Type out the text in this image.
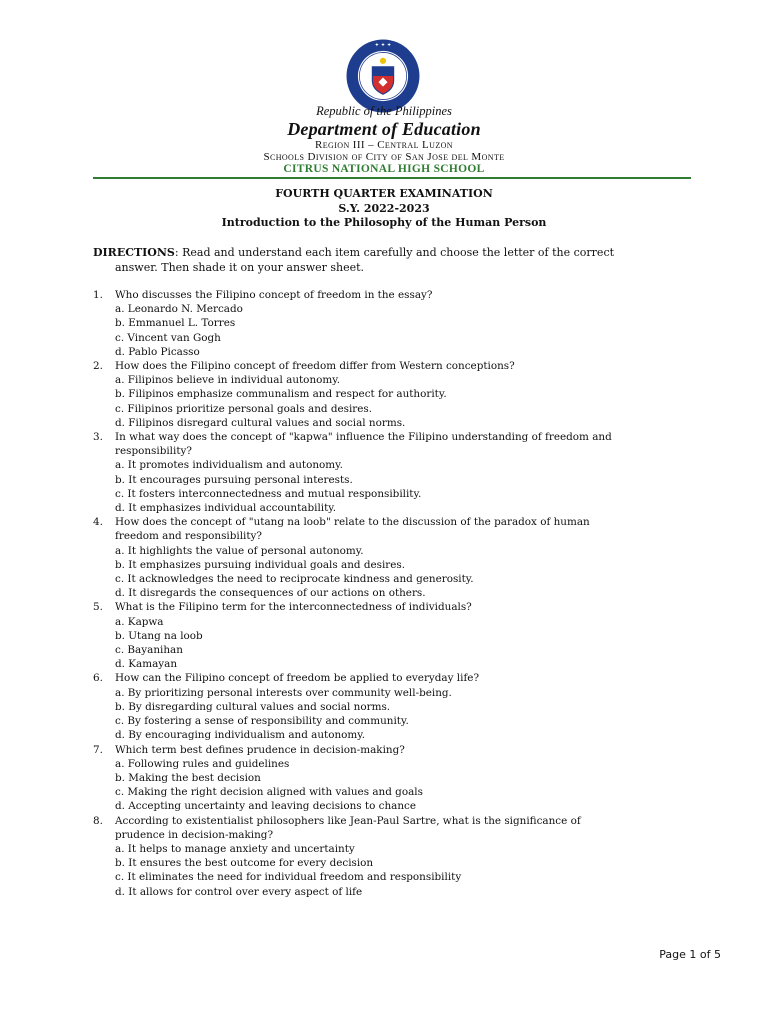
✦ ✦ ✦
Republic of the Philippines
Department of Education
Region III – Central Luzon
Schools Division of City of San Jose del Monte
CITRUS NATIONAL HIGH SCHOOL
FOURTH QUARTER EXAMINATION
S.Y. 2022-2023
Introduction to the Philosophy of the Human Person
DIRECTIONS: Read and understand each item carefully and choose the letter of the correct
answer. Then shade it on your answer sheet.
1. Who discusses the Filipino concept of freedom in the essay?
a. Leonardo N. Mercado
b. Emmanuel L. Torres
c. Vincent van Gogh
d. Pablo Picasso
2. How does the Filipino concept of freedom differ from Western conceptions?
a. Filipinos believe in individual autonomy.
b. Filipinos emphasize communalism and respect for authority.
c. Filipinos prioritize personal goals and desires.
d. Filipinos disregard cultural values and social norms.
3. In what way does the concept of "kapwa" influence the Filipino understanding of freedom and
responsibility?
a. It promotes individualism and autonomy.
b. It encourages pursuing personal interests.
c. It fosters interconnectedness and mutual responsibility.
d. It emphasizes individual accountability.
4. How does the concept of "utang na loob" relate to the discussion of the paradox of human
freedom and responsibility?
a. It highlights the value of personal autonomy.
b. It emphasizes pursuing individual goals and desires.
c. It acknowledges the need to reciprocate kindness and generosity.
d. It disregards the consequences of our actions on others.
5. What is the Filipino term for the interconnectedness of individuals?
a. Kapwa
b. Utang na loob
c. Bayanihan
d. Kamayan
6. How can the Filipino concept of freedom be applied to everyday life?
a. By prioritizing personal interests over community well-being.
b. By disregarding cultural values and social norms.
c. By fostering a sense of responsibility and community.
d. By encouraging individualism and autonomy.
7. Which term best defines prudence in decision-making?
a. Following rules and guidelines
b. Making the best decision
c. Making the right decision aligned with values and goals
d. Accepting uncertainty and leaving decisions to chance
8. According to existentialist philosophers like Jean-Paul Sartre, what is the significance of
prudence in decision-making?
a. It helps to manage anxiety and uncertainty
b. It ensures the best outcome for every decision
c. It eliminates the need for individual freedom and responsibility
d. It allows for control over every aspect of life
Page 1 of 5
